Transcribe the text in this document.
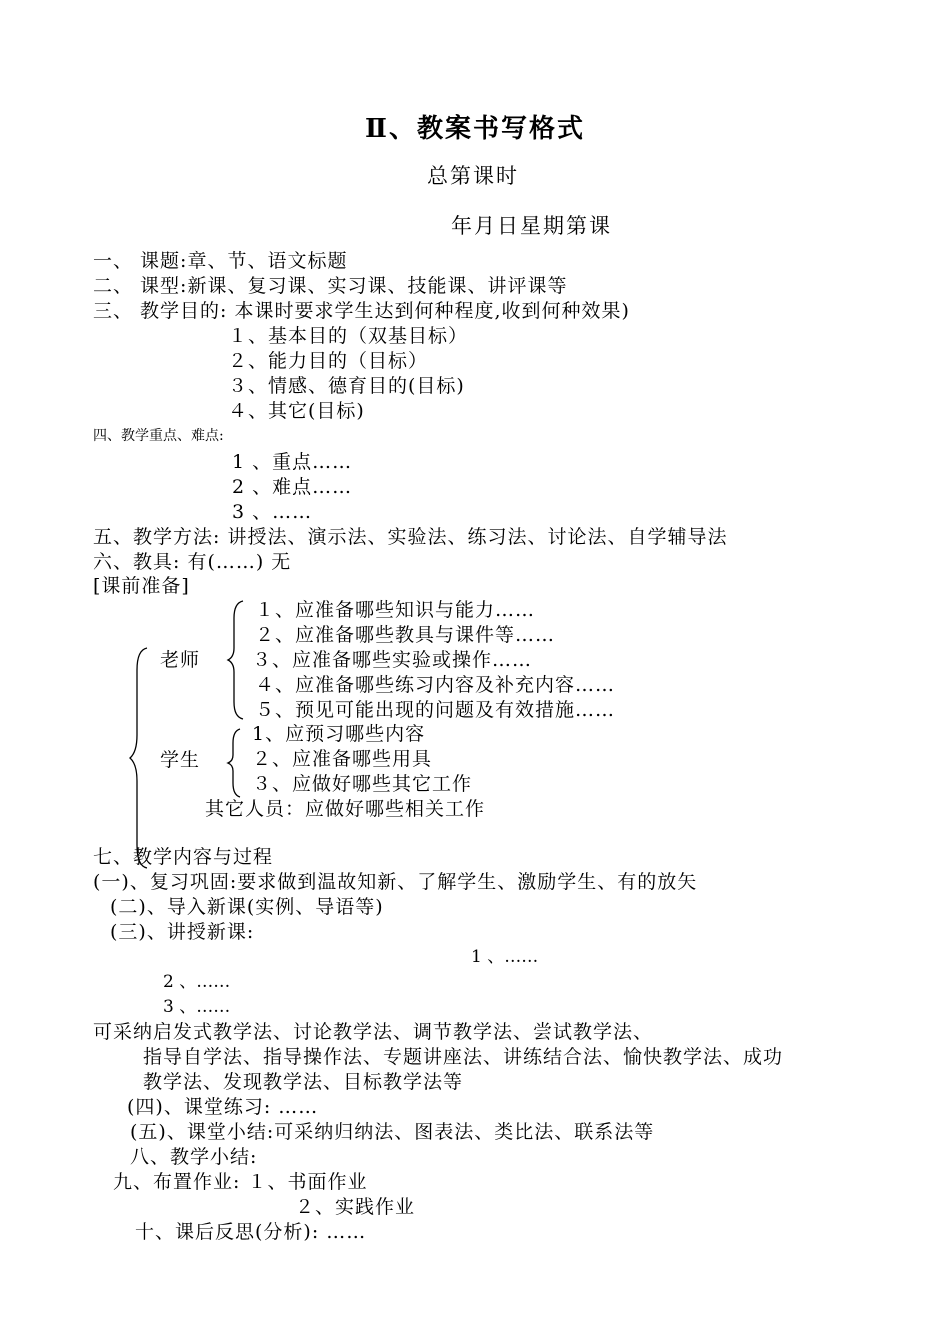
Ⅱ、教案书写格式
总第课时
年月日星期第课
一、 课题:章、节、语文标题
二、 课型:新课、复习课、实习课、技能课、讲评课等
三、 教学目的: 本课时要求学生达到何种程度,收到何种效果)
１、基本目的（双基目标）
２、能力目的（目标）
３、情感、德育目的(目标)
４、其它(目标)
四、教学重点、难点:
1 、重点……
2 、难点……
3 、……
五、教学方法: 讲授法、演示法、实验法、练习法、讨论法、自学辅导法
六、教具: 有(……) 无
[课前准备]
老师
学生
１、应准备哪些知识与能力……
２、应准备哪些教具与课件等……
３、应准备哪些实验或操作……
４、应准备哪些练习内容及补充内容……
５、预见可能出现的问题及有效措施……
1、应预习哪些内容
２、应准备哪些用具
３、应做好哪些其它工作
其它人员：应做好哪些相关工作
七、教学内容与过程
(一)、复习巩固:要求做到温故知新、了解学生、激励学生、有的放矢
(二)、导入新课(实例、导语等)
(三)、讲授新课:
1 、……
2 、……
3 、……
可采纳启发式教学法、讨论教学法、调节教学法、尝试教学法、
指导自学法、指导操作法、专题讲座法、讲练结合法、愉快教学法、成功
教学法、发现教学法、目标教学法等
(四)、课堂练习: ……
(五)、课堂小结:可采纳归纳法、图表法、类比法、联系法等
八、教学小结:
九、布置作业: １、书面作业
２、实践作业
十、课后反思(分析): ……
